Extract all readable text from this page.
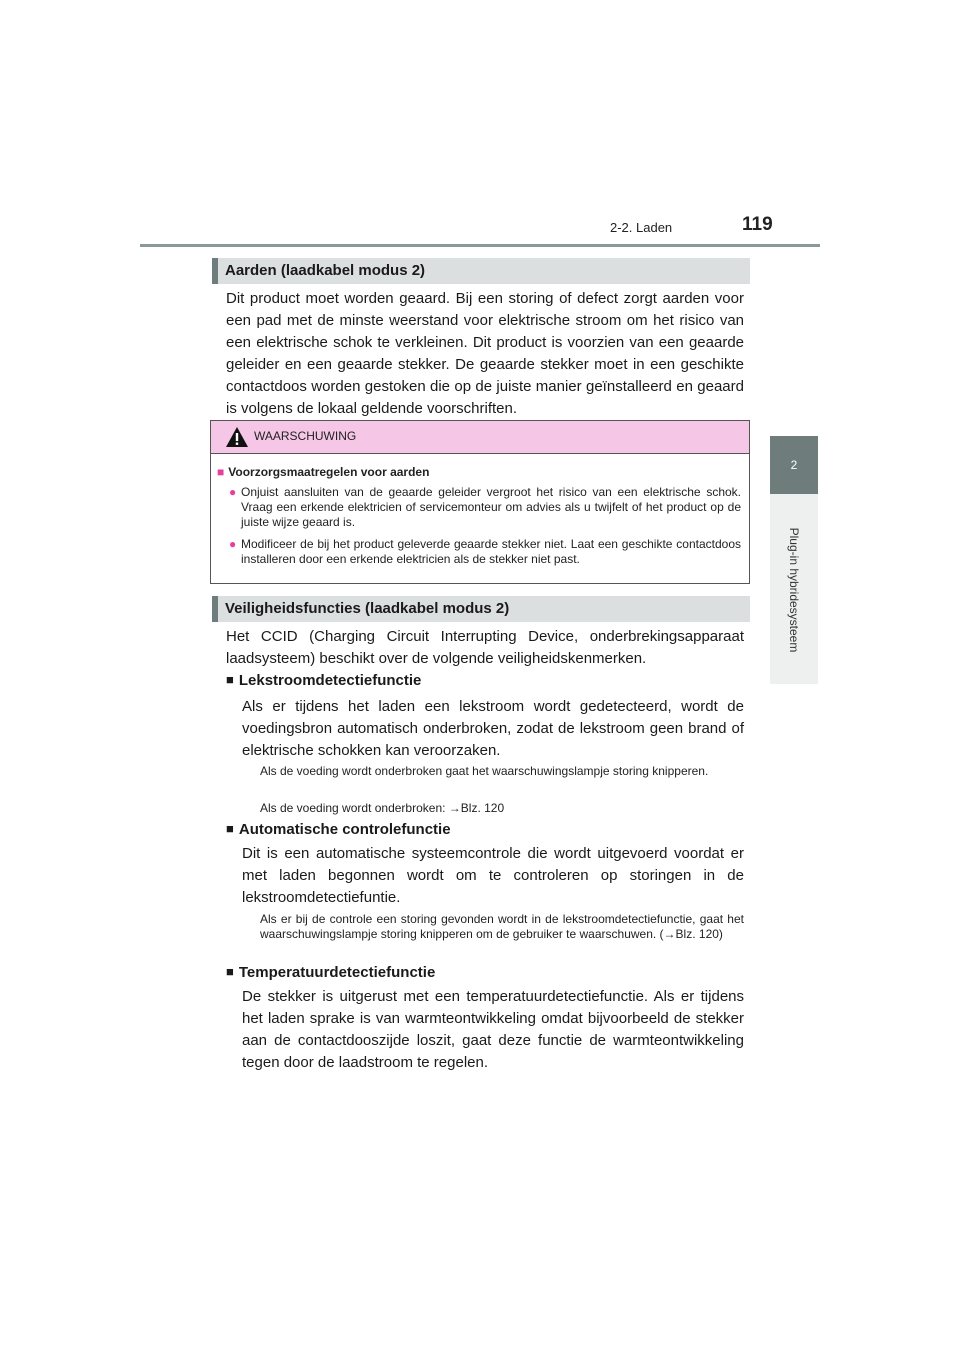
2-2. Laden	119
2
Plug-in hybridesysteem
Aarden (laadkabel modus 2)
Dit product moet worden geaard. Bij een storing of defect zorgt aarden voor een pad met de minste weerstand voor elektrische stroom om het risico van een elektrische schok te verkleinen. Dit product is voorzien van een geaarde geleider en een geaarde stekker. De geaarde stekker moet in een geschikte contactdoos worden gestoken die op de juiste manier geïnstalleerd en geaard is volgens de lokaal geldende voorschriften.
WAARSCHUWING
■ Voorzorgsmaatregelen voor aarden
● Onjuist aansluiten van de geaarde geleider vergroot het risico van een elektrische schok. Vraag een erkende elektricien of servicemonteur om advies als u twijfelt of het product op de juiste wijze geaard is.
● Modificeer de bij het product geleverde geaarde stekker niet. Laat een geschikte contactdoos installeren door een erkende elektricien als de stekker niet past.
Veiligheidsfuncties (laadkabel modus 2)
Het CCID (Charging Circuit Interrupting Device, onderbrekingsapparaat laadsysteem) beschikt over de volgende veiligheidskenmerken.
■ Lekstroomdetectiefunctie
Als er tijdens het laden een lekstroom wordt gedetecteerd, wordt de voedingsbron automatisch onderbroken, zodat de lekstroom geen brand of elektrische schokken kan veroorzaken.
Als de voeding wordt onderbroken gaat het waarschuwingslampje storing knipperen.
Als de voeding wordt onderbroken: →Blz. 120
■ Automatische controlefunctie
Dit is een automatische systeemcontrole die wordt uitgevoerd voordat er met laden begonnen wordt om te controleren op storingen in de lekstroomdetectiefuntie.
Als er bij de controle een storing gevonden wordt in de lekstroomdetectiefunctie, gaat het waarschuwingslampje storing knipperen om de gebruiker te waarschuwen. (→Blz. 120)
■ Temperatuurdetectiefunctie
De stekker is uitgerust met een temperatuurdetectiefunctie. Als er tijdens het laden sprake is van warmteontwikkeling omdat bijvoorbeeld de stekker aan de contactdooszijde loszit, gaat deze functie de warmteontwikkeling tegen door de laadstroom te regelen.
